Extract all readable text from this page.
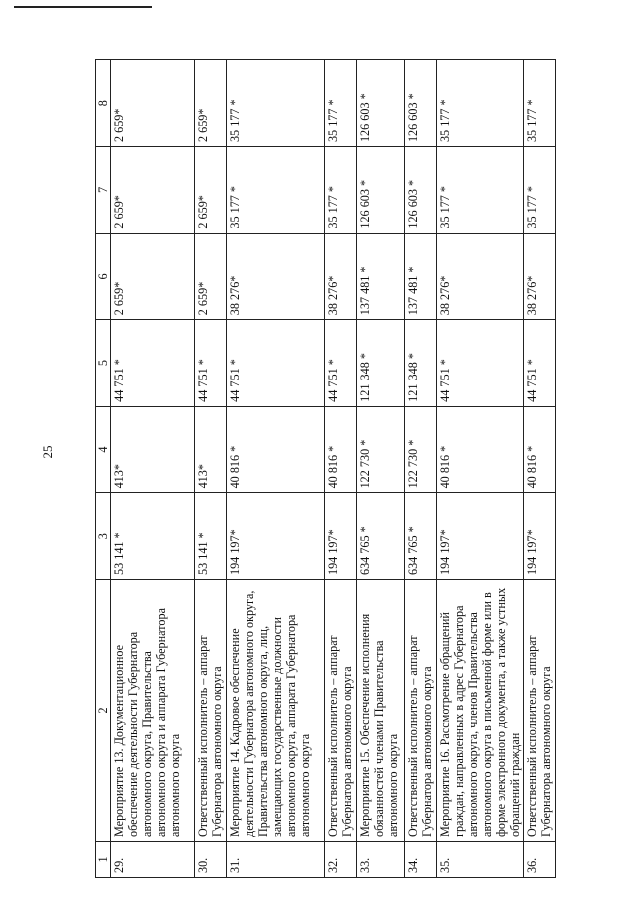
25
1	2	3	4	5	6	7	8
29.	Мероприятие 13. Документационное обеспечение деятельности Губернатора автономного округа, Правительства автономного округа и аппарата Губернатора автономного округа	53 141 *	413*	44 751 *	2 659*	2 659*	2 659*
30.	Ответственный исполнитель – аппарат Губернатора автономного округа	53 141 *	413*	44 751 *	2 659*	2 659*	2 659*
31.	Мероприятие 14. Кадровое обеспечение деятельности Губернатора автономного округа, Правительства автономного округа, лиц, замещающих государственные должности автономного округа, аппарата Губернатора автономного округа	194 197*	40 816 *	44 751 *	38 276*	35 177 *	35 177 *
32.	Ответственный исполнитель – аппарат Губернатора автономного округа	194 197*	40 816 *	44 751 *	38 276*	35 177 *	35 177 *
33.	Мероприятие 15. Обеспечение исполнения обязанностей членами Правительства автономного округа	634 765 *	122 730 *	121 348 *	137 481 *	126 603 *	126 603 *
34.	Ответственный исполнитель – аппарат Губернатора автономного округа	634 765 *	122 730 *	121 348 *	137 481 *	126 603 *	126 603 *
35.	Мероприятие 16. Рассмотрение обращений граждан, направленных в адрес Губернатора автономного округа, членов Правительства автономного округа в письменной форме или в форме электронного документа, а также устных обращений граждан	194 197*	40 816 *	44 751 *	38 276*	35 177 *	35 177 *
36.	Ответственный исполнитель – аппарат Губернатора автономного округа	194 197*	40 816 *	44 751 *	38 276*	35 177 *	35 177 *
